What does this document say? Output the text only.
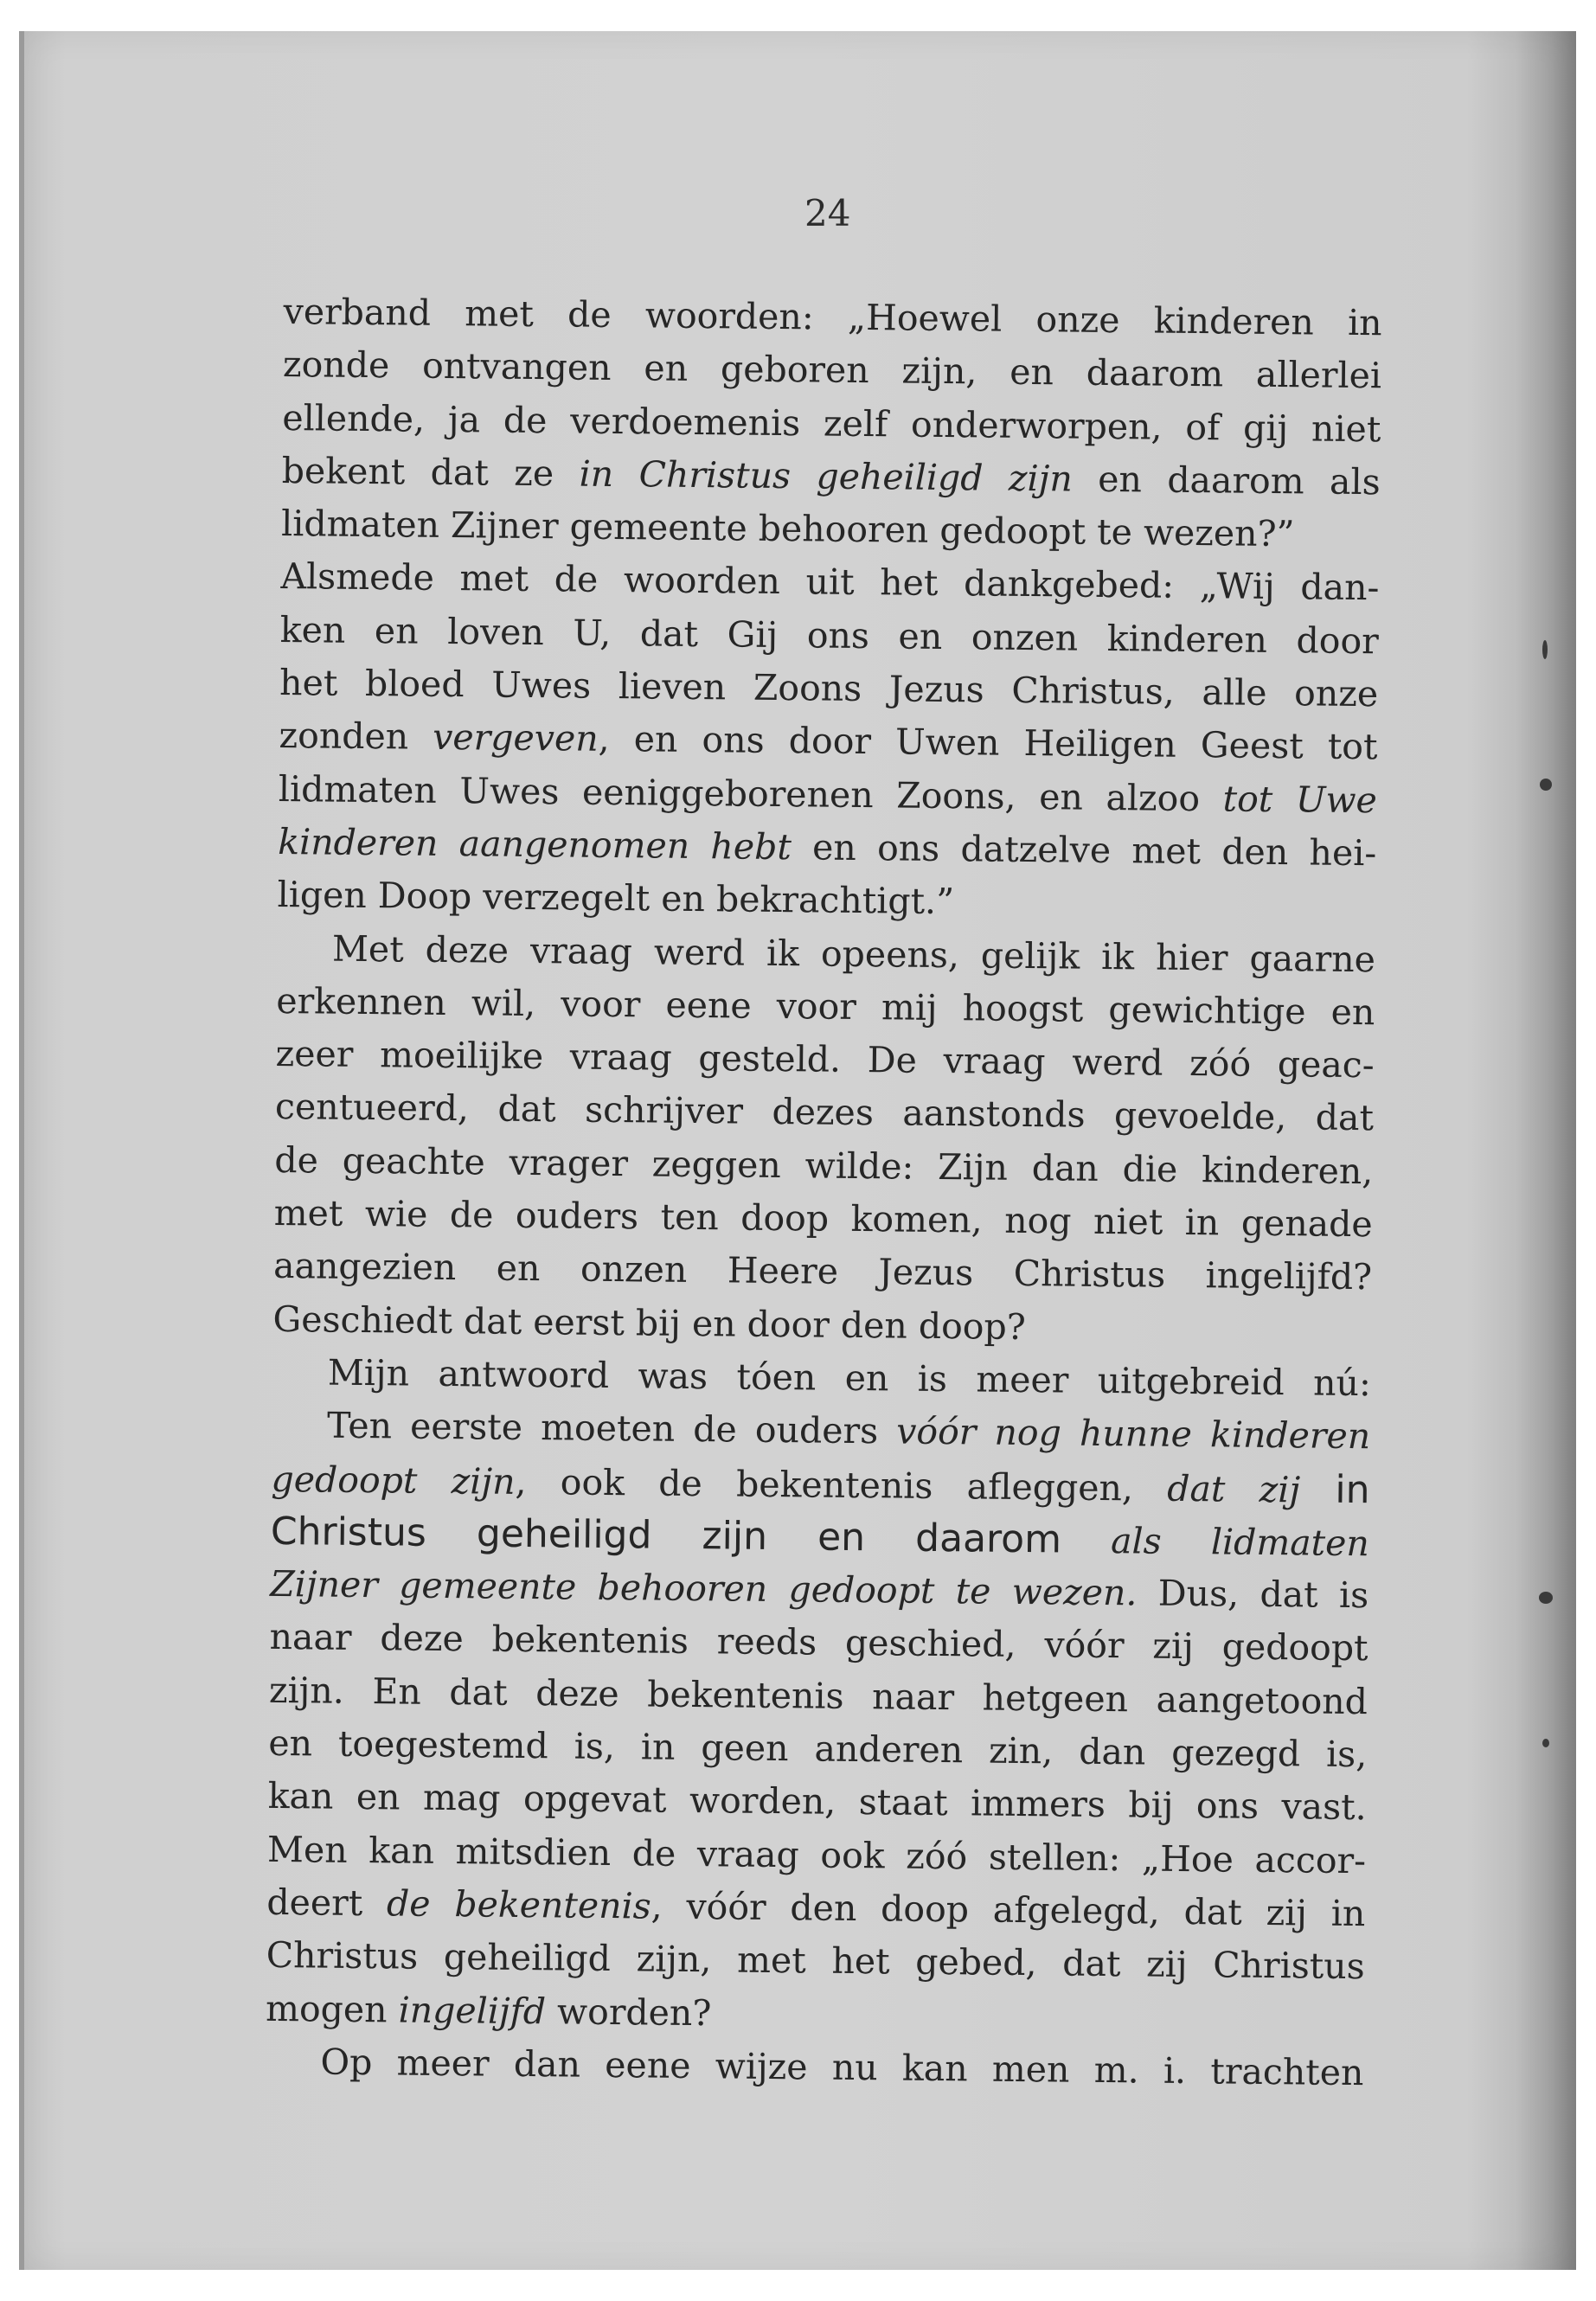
24
verband met de woorden: „Hoewel onze kinderen in
zonde ontvangen en geboren zijn, en daarom allerlei
ellende, ja de verdoemenis zelf onderworpen, of gij niet
bekent dat ze in Christus geheiligd zijn en daarom als
lidmaten Zijner gemeente behooren gedoopt te wezen?”
Alsmede met de woorden uit het dankgebed: „Wij dan-
ken en loven U, dat Gij ons en onzen kinderen door
het bloed Uwes lieven Zoons Jezus Christus, alle onze
zonden vergeven, en ons door Uwen Heiligen Geest tot
lidmaten Uwes eeniggeborenen Zoons, en alzoo tot Uwe
kinderen aangenomen hebt en ons datzelve met den hei-
ligen Doop verzegelt en bekrachtigt.”
Met deze vraag werd ik opeens, gelijk ik hier gaarne
erkennen wil, voor eene voor mij hoogst gewichtige en
zeer moeilijke vraag gesteld. De vraag werd zóó geac-
centueerd, dat schrijver dezes aanstonds gevoelde, dat
de geachte vrager zeggen wilde: Zijn dan die kinderen,
met wie de ouders ten doop komen, nog niet in genade
aangezien en onzen Heere Jezus Christus ingelijfd?
Geschiedt dat eerst bij en door den doop?
Mijn antwoord was tóen en is meer uitgebreid nú:
Ten eerste moeten de ouders vóór nog hunne kinderen
gedoopt zijn, ook de bekentenis afleggen, dat zij in
Christus geheiligd zijn en daarom als lidmaten
Zijner gemeente behooren gedoopt te wezen. Dus, dat is
naar deze bekentenis reeds geschied, vóór zij gedoopt
zijn. En dat deze bekentenis naar hetgeen aangetoond
en toegestemd is, in geen anderen zin, dan gezegd is,
kan en mag opgevat worden, staat immers bij ons vast.
Men kan mitsdien de vraag ook zóó stellen: „Hoe accor-
deert de bekentenis, vóór den doop afgelegd, dat zij in
Christus geheiligd zijn, met het gebed, dat zij Christus
mogen ingelijfd worden?
Op meer dan eene wijze nu kan men m. i. trachten
